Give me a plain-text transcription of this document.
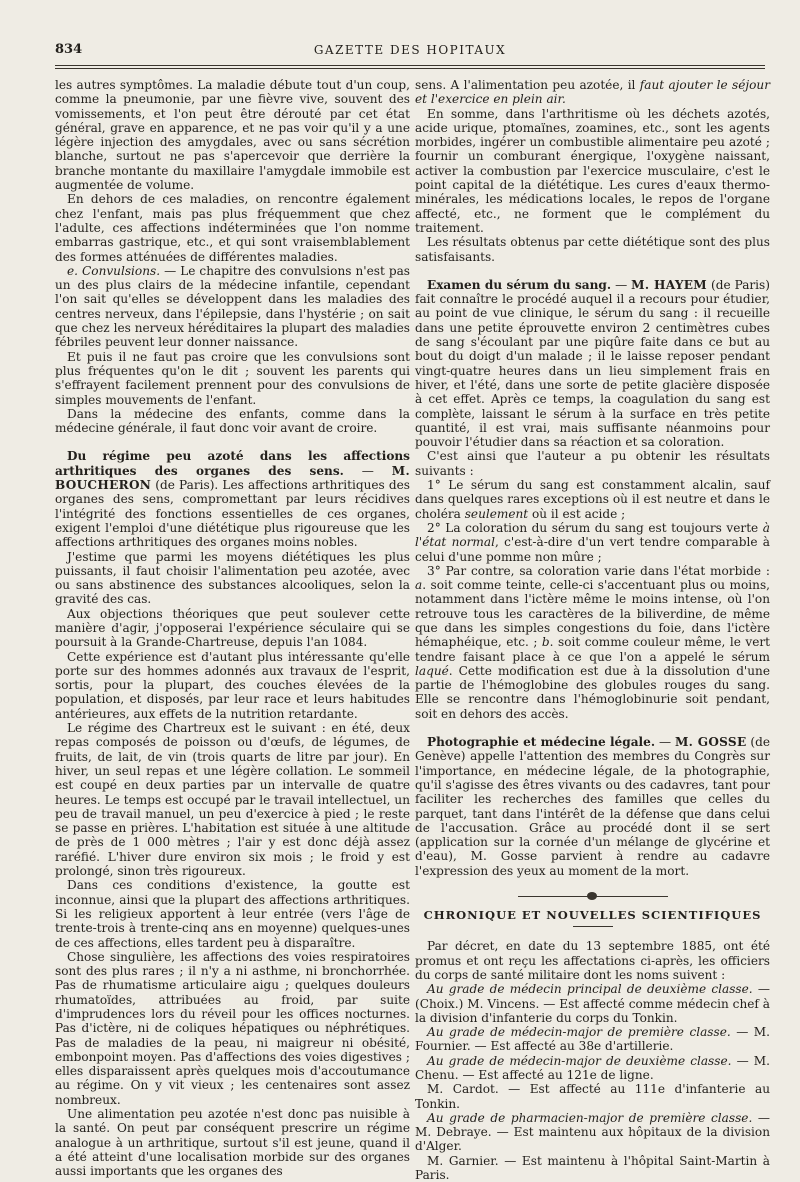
834	GAZETTE DES HOPITAUX

les autres symptômes. La maladie débute tout d'un coup, comme la pneumonie, par une fièvre vive, souvent des vomissements, et l'on peut être dérouté par cet état général, grave en apparence, et ne pas voir qu'il y a une légère injection des amygdales, avec ou sans sécrétion blanche, surtout ne pas s'apercevoir que derrière la branche montante du maxillaire l'amygdale immobile est augmentée de volume.

En dehors de ces maladies, on rencontre également chez l'enfant, mais pas plus fréquemment que chez l'adulte, ces affections indéterminées que l'on nomme embarras gastrique, etc., et qui sont vraisemblablement des formes atténuées de différentes maladies.

e. Convulsions. — Le chapitre des convulsions n'est pas un des plus clairs de la médecine infantile, cependant l'on sait qu'elles se développent dans les maladies des centres nerveux, dans l'épilepsie, dans l'hystérie ; on sait que chez les nerveux héréditaires la plupart des maladies fébriles peuvent leur donner naissance.

Et puis il ne faut pas croire que les convulsions sont plus fréquentes qu'on le dit ; souvent les parents qui s'effrayent facilement prennent pour des convulsions de simples mouvements de l'enfant.

Dans la médecine des enfants, comme dans la médecine générale, il faut donc voir avant de croire.

Du régime peu azoté dans les affections arthritiques des organes des sens. — M. BOUCHERON (de Paris). Les affections arthritiques des organes des sens, compromettant par leurs récidives l'intégrité des fonctions essentielles de ces organes, exigent l'emploi d'une diététique plus rigoureuse que les affections arthritiques des organes moins nobles.

J'estime que parmi les moyens diététiques les plus puissants, il faut choisir l'alimentation peu azotée, avec ou sans abstinence des substances alcooliques, selon la gravité des cas.

Aux objections théoriques que peut soulever cette manière d'agir, j'opposerai l'expérience séculaire qui se poursuit à la Grande-Chartreuse, depuis l'an 1084.

Cette expérience est d'autant plus intéressante qu'elle porte sur des hommes adonnés aux travaux de l'esprit, sortis, pour la plupart, des couches élevées de la population, et disposés, par leur race et leurs habitudes antérieures, aux effets de la nutrition retardante.

Le régime des Chartreux est le suivant : en été, deux repas composés de poisson ou d'œufs, de légumes, de fruits, de lait, de vin (trois quarts de litre par jour). En hiver, un seul repas et une légère collation. Le sommeil est coupé en deux parties par un intervalle de quatre heures. Le temps est occupé par le travail intellectuel, un peu de travail manuel, un peu d'exercice à pied ; le reste se passe en prières. L'habitation est située à une altitude de près de 1 000 mètres ; l'air y est donc déjà assez raréfié. L'hiver dure environ six mois ; le froid y est prolongé, sinon très rigoureux.

Dans ces conditions d'existence, la goutte est inconnue, ainsi que la plupart des affections arthritiques. Si les religieux apportent à leur entrée (vers l'âge de trente-trois à trente-cinq ans en moyenne) quelques-unes de ces affections, elles tardent peu à disparaître.

Chose singulière, les affections des voies respiratoires sont des plus rares ; il n'y a ni asthme, ni bronchorrhée. Pas de rhumatisme articulaire aigu ; quelques douleurs rhumatoïdes, attribuées au froid, par suite d'imprudences lors du réveil pour les offices nocturnes. Pas d'ictère, ni de coliques hépatiques ou néphrétiques. Pas de maladies de la peau, ni maigreur ni obésité, embonpoint moyen. Pas d'affections des voies digestives ; elles disparaissent après quelques mois d'accoutumance au régime. On y vit vieux ; les centenaires sont assez nombreux.

Une alimentation peu azotée n'est donc pas nuisible à la santé. On peut par conséquent prescrire un régime analogue à un arthritique, surtout s'il est jeune, quand il a été atteint d'une localisation morbide sur des organes aussi importants que les organes des

sens. A l'alimentation peu azotée, il faut ajouter le séjour et l'exercice en plein air.

En somme, dans l'arthritisme où les déchets azotés, acide urique, ptomaïnes, zoamines, etc., sont les agents morbides, ingérer un combustible alimentaire peu azoté ; fournir un comburant énergique, l'oxygène naissant, activer la combustion par l'exercice musculaire, c'est le point capital de la diététique. Les cures d'eaux thermo-minérales, les médications locales, le repos de l'organe affecté, etc., ne forment que le complément du traitement.

Les résultats obtenus par cette diététique sont des plus satisfaisants.

Examen du sérum du sang. — M. HAYEM (de Paris) fait connaître le procédé auquel il a recours pour étudier, au point de vue clinique, le sérum du sang : il recueille dans une petite éprouvette environ 2 centimètres cubes de sang s'écoulant par une piqûre faite dans ce but au bout du doigt d'un malade ; il le laisse reposer pendant vingt-quatre heures dans un lieu simplement frais en hiver, et l'été, dans une sorte de petite glacière disposée à cet effet. Après ce temps, la coagulation du sang est complète, laissant le sérum à la surface en très petite quantité, il est vrai, mais suffisante néanmoins pour pouvoir l'étudier dans sa réaction et sa coloration.

C'est ainsi que l'auteur a pu obtenir les résultats suivants :

1° Le sérum du sang est constamment alcalin, sauf dans quelques rares exceptions où il est neutre et dans le choléra seulement où il est acide ;

2° La coloration du sérum du sang est toujours verte à l'état normal, c'est-à-dire d'un vert tendre comparable à celui d'une pomme non mûre ;

3° Par contre, sa coloration varie dans l'état morbide : a. soit comme teinte, celle-ci s'accentuant plus ou moins, notamment dans l'ictère même le moins intense, où l'on retrouve tous les caractères de la biliverdine, de même que dans les simples congestions du foie, dans l'ictère hémaphéique, etc. ; b. soit comme couleur même, le vert tendre faisant place à ce que l'on a appelé le sérum laqué. Cette modification est due à la dissolution d'une partie de l'hémoglobine des globules rouges du sang. Elle se rencontre dans l'hémoglobinurie soit pendant, soit en dehors des accès.

Photographie et médecine légale. — M. GOSSE (de Genève) appelle l'attention des membres du Congrès sur l'importance, en médecine légale, de la photographie, qu'il s'agisse des êtres vivants ou des cadavres, tant pour faciliter les recherches des familles que celles du parquet, tant dans l'intérêt de la défense que dans celui de l'accusation. Grâce au procédé dont il se sert (application sur la cornée d'un mélange de glycérine et d'eau), M. Gosse parvient à rendre au cadavre l'expression des yeux au moment de la mort.

CHRONIQUE ET NOUVELLES SCIENTIFIQUES

Par décret, en date du 13 septembre 1885, ont été promus et ont reçu les affectations ci-après, les officiers du corps de santé militaire dont les noms suivent :

Au grade de médecin principal de deuxième classe. — (Choix.) M. Vincens. — Est affecté comme médecin chef à la division d'infanterie du corps du Tonkin.

Au grade de médecin-major de première classe. — M. Fournier. — Est affecté au 38e d'artillerie.

Au grade de médecin-major de deuxième classe. — M. Chenu. — Est affecté au 121e de ligne.

M. Cardot. — Est affecté au 111e d'infanterie au Tonkin.

Au grade de pharmacien-major de première classe. — M. Debraye. — Est maintenu aux hôpitaux de la division d'Alger.

M. Garnier. — Est maintenu à l'hôpital Saint-Martin à Paris.
